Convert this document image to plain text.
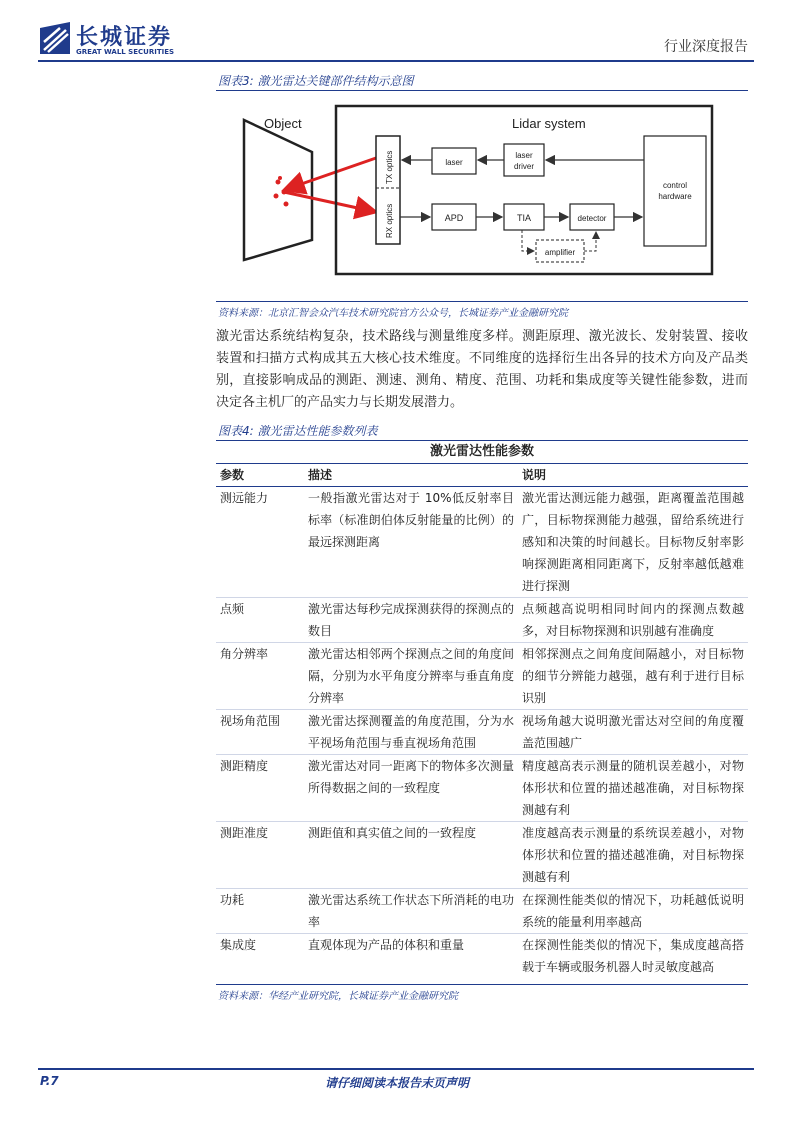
长城证券
GREAT WALL SECURITIES	行业深度报告
图表3: 激光雷达关键部件结构示意图
Object	Lidar system
TX optics
RX optics
laser
laser
driver
control
hardware
APD	TIA	detector
amplifier
资料来源：北京汇智会众汽车技术研究院官方公众号，长城证券产业金融研究院
激光雷达系统结构复杂，技术路线与测量维度多样。测距原理、激光波长、发射装置、接收装置和扫描方式构成其五大核心技术维度。不同维度的选择衍生出各异的技术方向及产品类别，直接影响成品的测距、测速、测角、精度、范围、功耗和集成度等关键性能参数，进而决定各主机厂的产品实力与长期发展潜力。
图表4: 激光雷达性能参数列表
激光雷达性能参数		
参数	描述	说明
测远能力	一般指激光雷达对于 10%低反射率目标率（标准朗伯体反射能量的比例）的最远探测距离	激光雷达测远能力越强，距离覆盖范围越广，目标物探测能力越强，留给系统进行感知和决策的时间越长。目标物反射率影响探测距离相同距离下，反射率越低越难进行探测
点频	激光雷达每秒完成探测获得的探测点的数目	点频越高说明相同时间内的探测点数越多，对目标物探测和识别越有准确度
角分辨率	激光雷达相邻两个探测点之间的角度间隔，分别为水平角度分辨率与垂直角度分辨率	相邻探测点之间角度间隔越小，对目标物的细节分辨能力越强，越有利于进行目标识别
视场角范围	激光雷达探测覆盖的角度范围，分为水平视场角范围与垂直视场角范围	视场角越大说明激光雷达对空间的角度覆盖范围越广
测距精度	激光雷达对同一距离下的物体多次测量所得数据之间的一致程度	精度越高表示测量的随机误差越小，对物体形状和位置的描述越准确，对目标物探测越有利
测距准度	测距值和真实值之间的一致程度	准度越高表示测量的系统误差越小，对物体形状和位置的描述越准确，对目标物探测越有利
功耗	激光雷达系统工作状态下所消耗的电功率	在探测性能类似的情况下，功耗越低说明系统的能量利用率越高
集成度	直观体现为产品的体积和重量	在探测性能类似的情况下，集成度越高搭载于车辆或服务机器人时灵敏度越高
资料来源：华经产业研究院，长城证券产业金融研究院
P.7	请仔细阅读本报告末页声明
